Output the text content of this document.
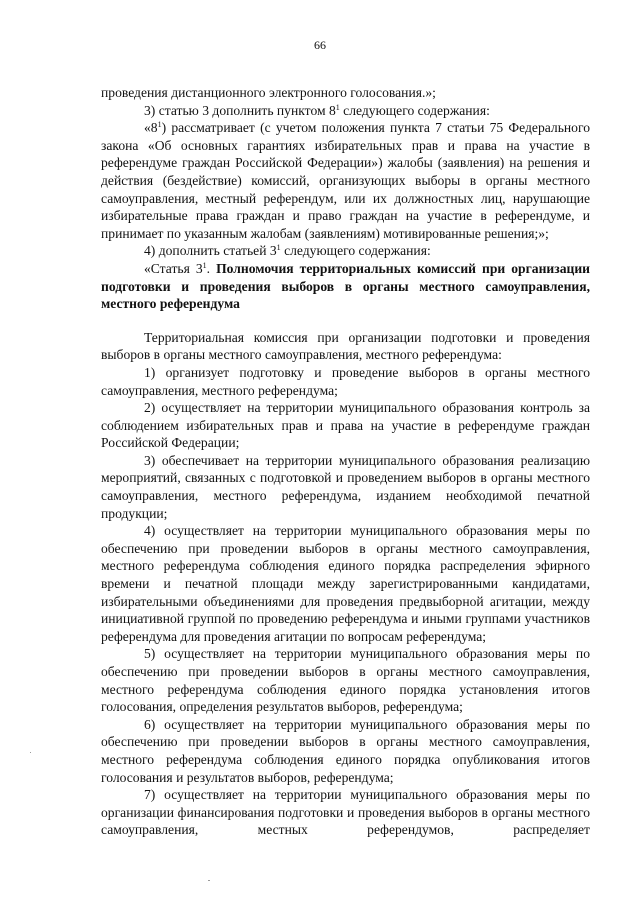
66

проведения дистанционного электронного голосования.»;

3) статью 3 дополнить пунктом $8^1$ следующего содержания:

«$8^1$) рассматривает (с учетом положения пункта 7 статьи 75 Федерального закона «Об основных гарантиях избирательных прав и права на участие в референдуме граждан Российской Федерации») жалобы (заявления) на решения и действия (бездействие) комиссий, организующих выборы в органы местного самоуправления, местный референдум, или их должностных лиц, нарушающие избирательные права граждан и право граждан на участие в референдуме, и принимает по указанным жалобам (заявлениям) мотивированные решения;»;

4) дополнить статьей $3^1$ следующего содержания:

«Статья $3^1$. Полномочия территориальных комиссий при организации подготовки и проведения выборов в органы местного самоуправления, местного референдума

Территориальная комиссия при организации подготовки и проведения выборов в органы местного самоуправления, местного референдума:

1) организует подготовку и проведение выборов в органы местного самоуправления, местного референдума;

2) осуществляет на территории муниципального образования контроль за соблюдением избирательных прав и права на участие в референдуме граждан Российской Федерации;

3) обеспечивает на территории муниципального образования реализацию мероприятий, связанных с подготовкой и проведением выборов в органы местного самоуправления, местного референдума, изданием необходимой печатной продукции;

4) осуществляет на территории муниципального образования меры по обеспечению при проведении выборов в органы местного самоуправления, местного референдума соблюдения единого порядка распределения эфирного времени и печатной площади между зарегистрированными кандидатами, избирательными объединениями для проведения предвыборной агитации, между инициативной группой по проведению референдума и иными группами участников референдума для проведения агитации по вопросам референдума;

5) осуществляет на территории муниципального образования меры по обеспечению при проведении выборов в органы местного самоуправления, местного референдума соблюдения единого порядка установления итогов голосования, определения результатов выборов, референдума;

6) осуществляет на территории муниципального образования меры по обеспечению при проведении выборов в органы местного самоуправления, местного референдума соблюдения единого порядка опубликования итогов голосования и результатов выборов, референдума;

7) осуществляет на территории муниципального образования меры по организации финансирования подготовки и проведения выборов в органы местного самоуправления, местных референдумов, распределяет
